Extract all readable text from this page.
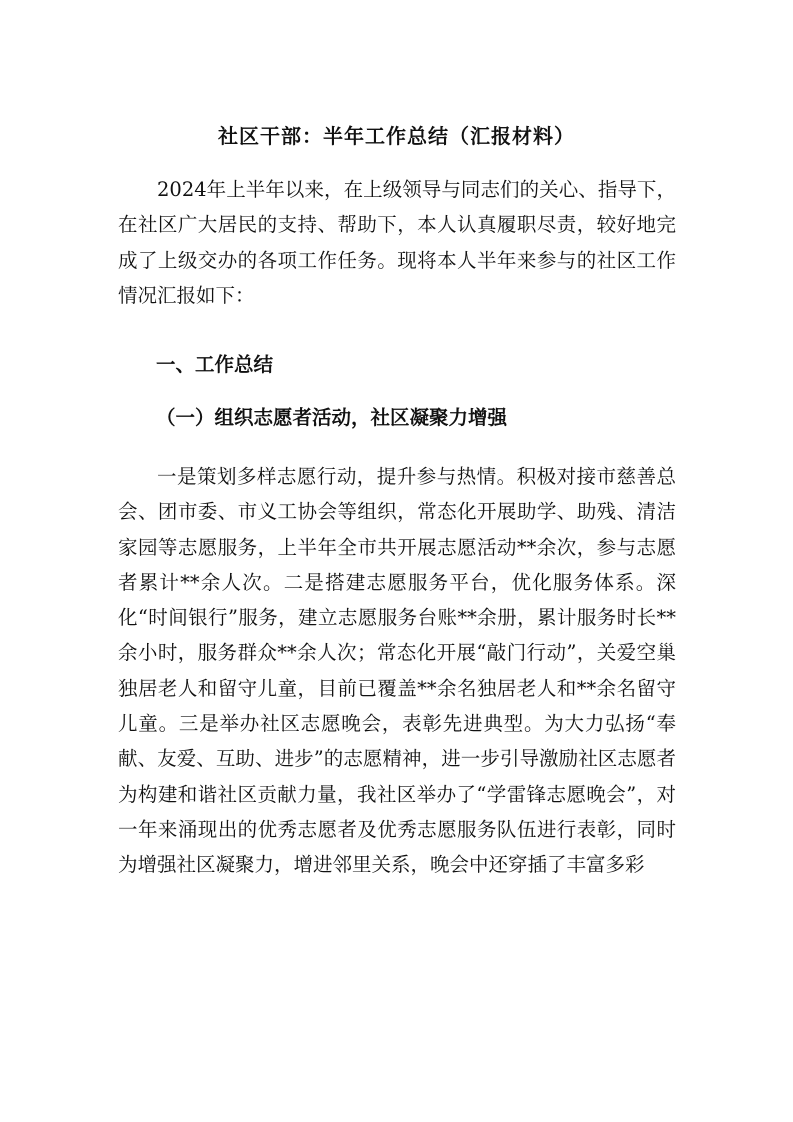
社区干部：半年工作总结（汇报材料）

2024年上半年以来，在上级领导与同志们的关心、指导下，在社区广大居民的支持、帮助下，本人认真履职尽责，较好地完成了上级交办的各项工作任务。现将本人半年来参与的社区工作情况汇报如下：

一、工作总结
（一）组织志愿者活动，社区凝聚力增强

一是策划多样志愿行动，提升参与热情。积极对接市慈善总会、团市委、市义工协会等组织，常态化开展助学、助残、清洁家园等志愿服务，上半年全市共开展志愿活动**余次，参与志愿者累计**余人次。二是搭建志愿服务平台，优化服务体系。深化“时间银行”服务，建立志愿服务台账**余册，累计服务时长**余小时，服务群众**余人次；常态化开展“敲门行动”，关爱空巢独居老人和留守儿童，目前已覆盖**余名独居老人和**余名留守儿童。三是举办社区志愿晚会，表彰先进典型。为大力弘扬“奉献、友爱、互助、进步”的志愿精神，进一步引导激励社区志愿者为构建和谐社区贡献力量，我社区举办了“学雷锋志愿晚会”，对一年来涌现出的优秀志愿者及优秀志愿服务队伍进行表彰，同时为增强社区凝聚力，增进邻里关系，晚会中还穿插了丰富多彩
